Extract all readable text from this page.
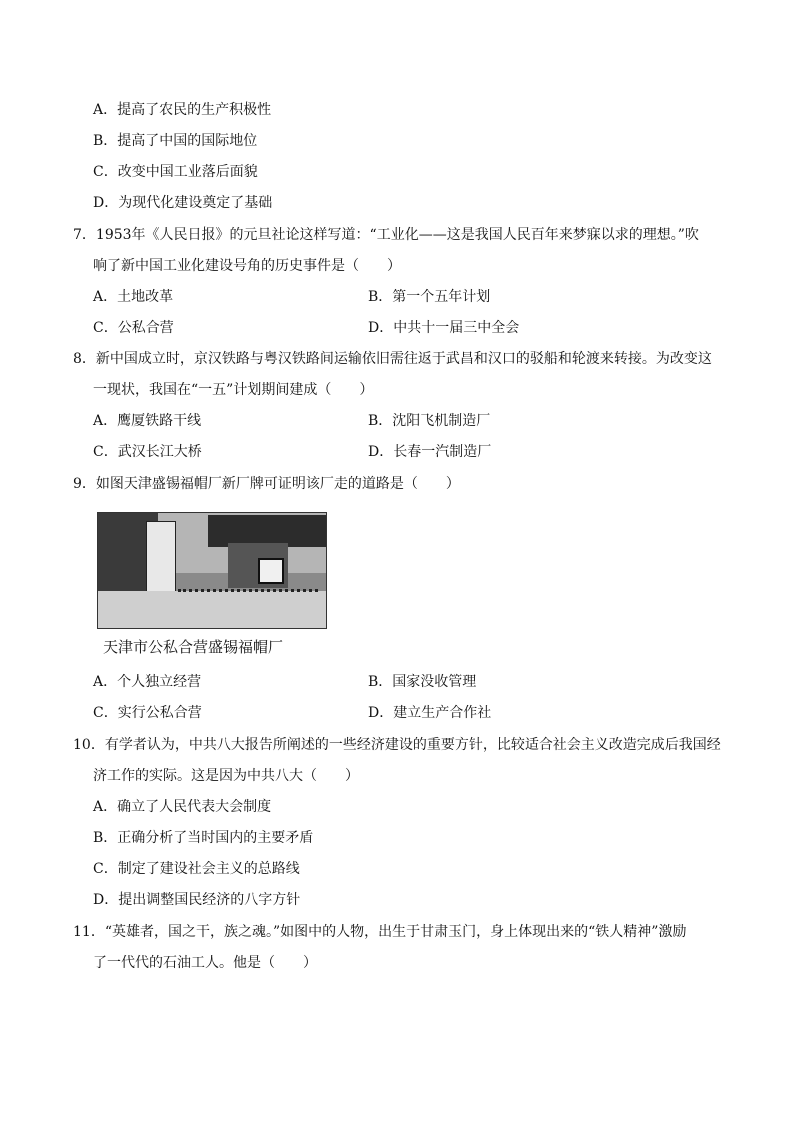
A．提高了农民的生产积极性
B．提高了中国的国际地位
C．改变中国工业落后面貌
D．为现代化建设奠定了基础
7．1953年《人民日报》的元旦社论这样写道：“工业化——这是我国人民百年来梦寐以求的理想。”吹
响了新中国工业化建设号角的历史事件是（　　）
A．土地改革	B．第一个五年计划
C．公私合营	D．中共十一届三中全会
8．新中国成立时，京汉铁路与粤汉铁路间运输依旧需往返于武昌和汉口的驳船和轮渡来转接。为改变这
一现状，我国在“一五”计划期间建成（　　）
A．鹰厦铁路干线	B．沈阳飞机制造厂
C．武汉长江大桥	D．长春一汽制造厂
9．如图天津盛锡福帽厂新厂牌可证明该厂走的道路是（　　）
天津市公私合营盛锡福帽厂
A．个人独立经营	B．国家没收管理
C．实行公私合营	D．建立生产合作社
10．有学者认为，中共八大报告所阐述的一些经济建设的重要方针，比较适合社会主义改造完成后我国经
济工作的实际。这是因为中共八大（　　）
A．确立了人民代表大会制度
B．正确分析了当时国内的主要矛盾
C．制定了建设社会主义的总路线
D．提出调整国民经济的八字方针
11．“英雄者，国之干，族之魂。”如图中的人物，出生于甘肃玉门，身上体现出来的“铁人精神”激励
了一代代的石油工人。他是（　　）
